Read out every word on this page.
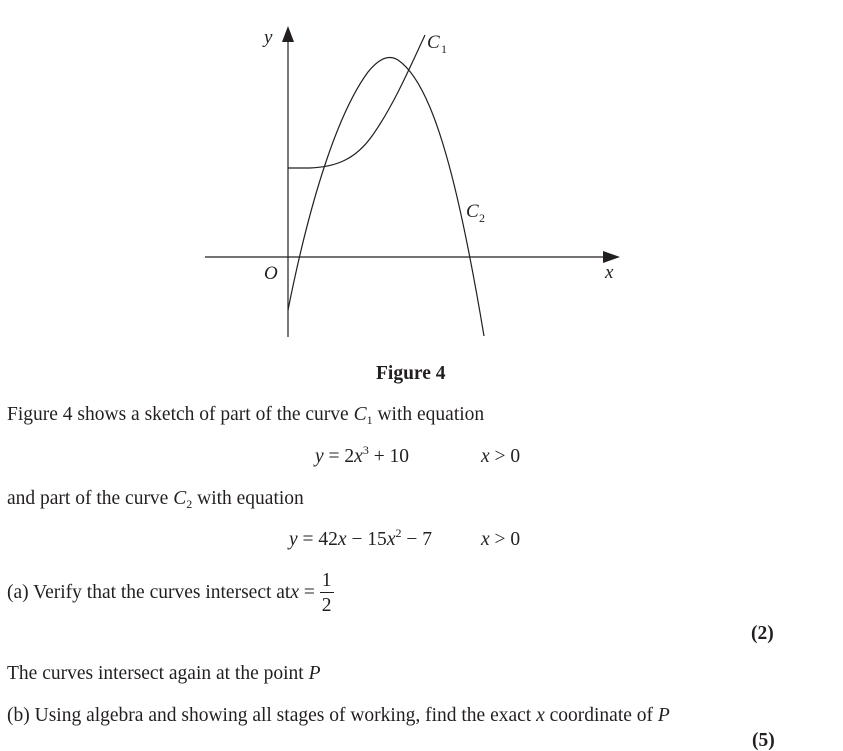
y
x
O
C 1
C 2
Figure 4
Figure 4 shows a sketch of part of the curve $C_1$ with equation
$y = 2x^3 + 10$	x > 0
and part of the curve $C_2$ with equation
$y = 42x - 15x^2 - 7$	x > 0
(a) Verify that the curves intersect at $x = \frac{1}{2}$
(2)
The curves intersect again at the point P
(b) Using algebra and showing all stages of working, find the exact x coordinate of P
(5)
